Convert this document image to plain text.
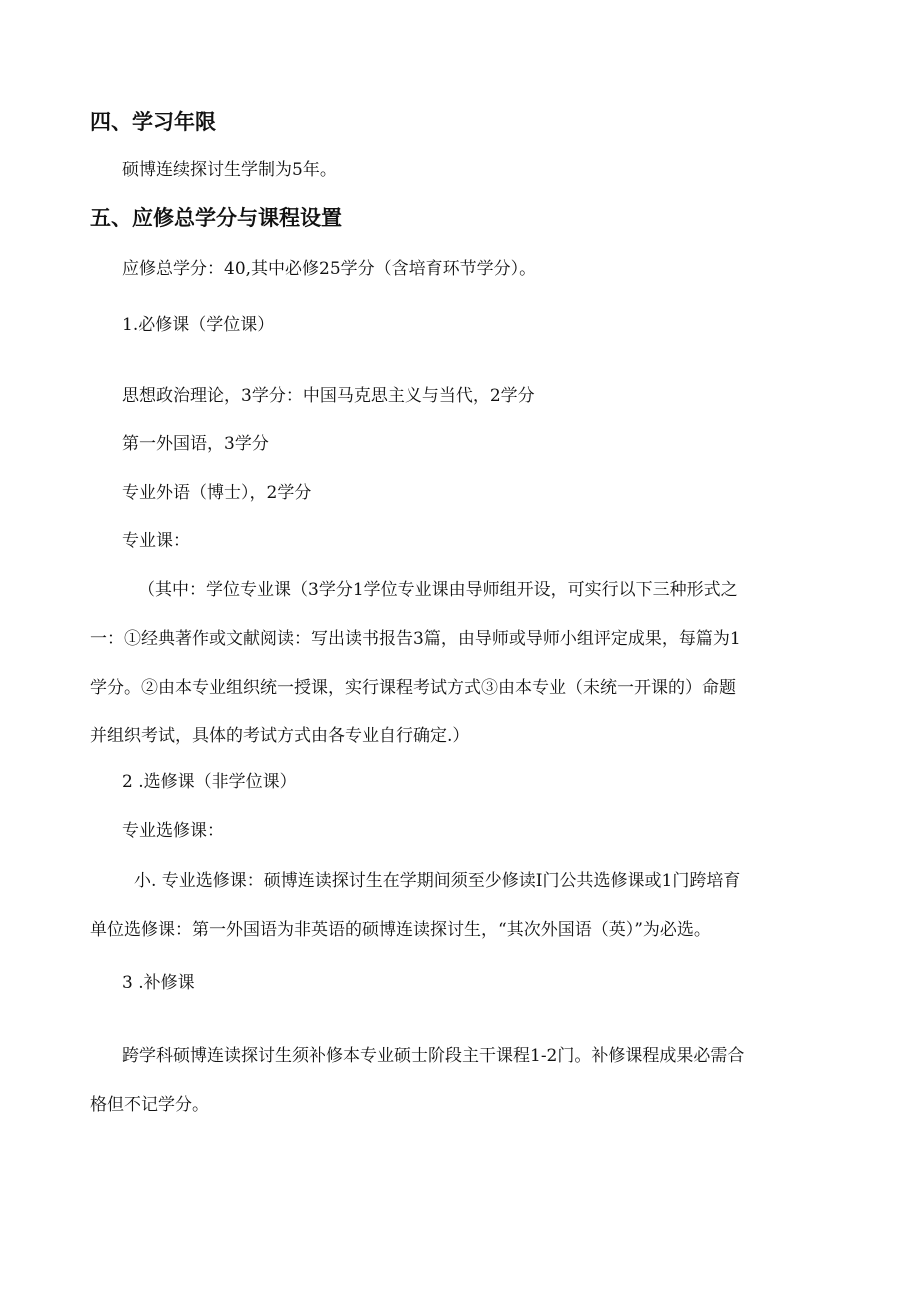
四、学习年限
硕博连续探讨生学制为5年。
五、应修总学分与课程设置
应修总学分：40,其中必修25学分（含培育环节学分）。
1.必修课（学位课）
思想政治理论，3学分：中国马克思主义与当代，2学分
第一外国语，3学分
专业外语（博士），2学分
专业课：
（其中：学位专业课（3学分1学位专业课由导师组开设，可实行以下三种形式之
一：①经典著作或文献阅读：写出读书报告3篇，由导师或导师小组评定成果，每篇为1
学分。②由本专业组织统一授课，实行课程考试方式③由本专业（未统一开课的）命题
并组织考试，具体的考试方式由各专业自行确定.）
2 .选修课（非学位课）
专业选修课：
小. 专业选修课：硕博连读探讨生在学期间须至少修读I门公共选修课或1门跨培育
单位选修课：第一外国语为非英语的硕博连读探讨生，“其次外国语（英）”为必选。
3 .补修课
跨学科硕博连读探讨生须补修本专业硕士阶段主干课程1-2门。补修课程成果必需合
格但不记学分。
